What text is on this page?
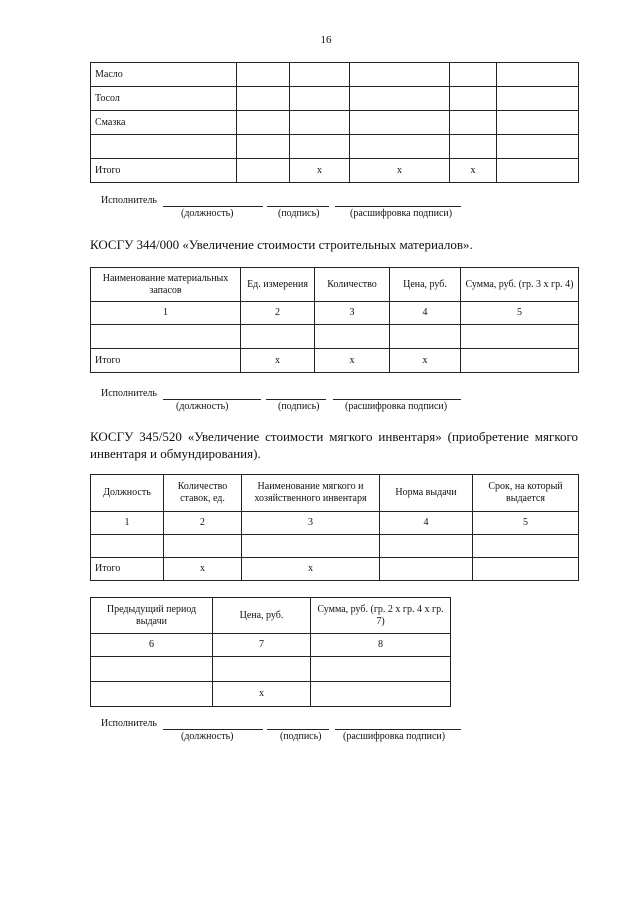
16
Масло					
Тосол					
Смазка					

Итого		x	x	x	
Исполнитель
(должность)	(подпись)	(расшифровка подписи)
КОСГУ 344/000 «Увеличение стоимости строительных материалов».
Наименование материальных запасов	Ед. измерения	Количество	Цена, руб.	Сумма, руб. (гр. 3 х гр. 4)
1	2	3	4	5

Итого	x	x	x	
Исполнитель
(должность)	(подпись)	(расшифровка подписи)
КОСГУ 345/520 «Увеличение стоимости мягкого инвентаря» (приобретение мягкого инвентаря и обмундирования).
Должность	Количество ставок, ед.	Наименование мягкого и хозяйственного инвентаря	Норма выдачи	Срок, на который выдается
1	2	3	4	5

Итого	x	x		
Предыдущий период выдачи	Цена, руб.	Сумма, руб. (гр. 2 х гр. 4 х гр. 7)
6	7	8

	x	
Исполнитель
(должность)	(подпись) (расшифровка подписи)
